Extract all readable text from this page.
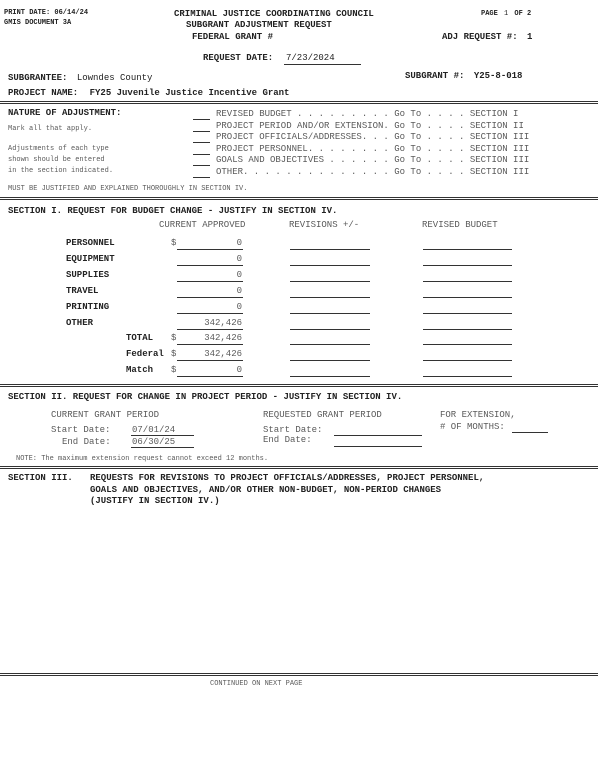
PRINT DATE: 06/14/24
GMIS DOCUMENT 3A
CRIMINAL JUSTICE COORDINATING COUNCIL
SUBGRANT ADJUSTMENT REQUEST
FEDERAL GRANT #
PAGE 1 OF 2
ADJ REQUEST #: 1
REQUEST DATE: 7/23/2024
SUBGRANTEE: Lowndes County	SUBGRANT #: Y25-8-018
PROJECT NAME: FY25 Juvenile Justice Incentive Grant
NATURE OF ADJUSTMENT:
Mark all that apply.
Adjustments of each type
shown should be entered
in the section indicated.
REVISED BUDGET . . . . . . . . . Go To . . . . SECTION I
PROJECT PERIOD AND/OR EXTENSION. Go To . . . . SECTION II
PROJECT OFFICIALS/ADDRESSES. . . Go To . . . . SECTION III
PROJECT PERSONNEL. . . . . . . . Go To . . . . SECTION III
GOALS AND OBJECTIVES . . . . . . Go To . . . . SECTION III
OTHER. . . . . . . . . . . . . . Go To . . . . SECTION III
MUST BE JUSTIFIED AND EXPLAINED THOROUGHLY IN SECTION IV.
SECTION I. REQUEST FOR BUDGET CHANGE - JUSTIFY IN SECTION IV.
CURRENT APPROVED	REVISIONS +/-	REVISED BUDGET
PERSONNEL	$	0
EQUIPMENT	0
SUPPLIES	0
TRAVEL	0
PRINTING	0
OTHER	342,426
TOTAL $	342,426
Federal $	342,426
Match $	0
SECTION II. REQUEST FOR CHANGE IN PROJECT PERIOD - JUSTIFY IN SECTION IV.
CURRENT GRANT PERIOD	REQUESTED GRANT PERIOD	FOR EXTENSION,
# OF MONTHS:
Start Date: 07/01/24
End Date: 06/30/25
Start Date:
End Date:
NOTE: The maximum extension request cannot exceed 12 months.
SECTION III. REQUESTS FOR REVISIONS TO PROJECT OFFICIALS/ADDRESSES, PROJECT PERSONNEL,
GOALS AND OBJECTIVES, AND/OR OTHER NON-BUDGET, NON-PERIOD CHANGES
(JUSTIFY IN SECTION IV.)
CONTINUED ON NEXT PAGE
